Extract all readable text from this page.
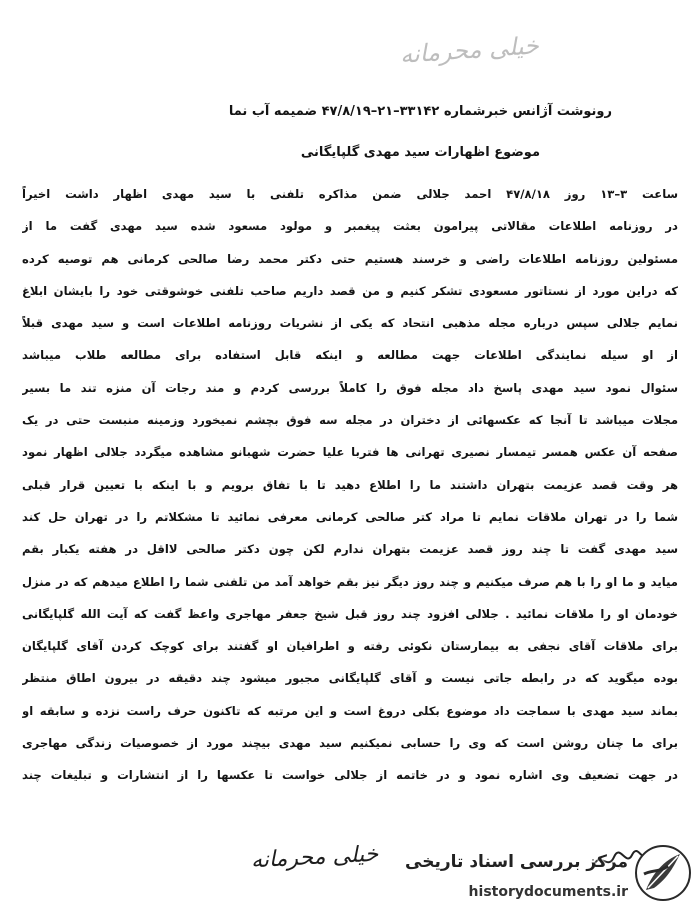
خیلی محرمانه
رونوشت آژانس خبرشماره ۳۳۱۴۲–۲۱–۴۷/۸/۱۹ ضمیمه آب نما
موضوع اظهارات سید مهدی گلپایگانی
ساعت ۳–۱۳ روز ۴۷/۸/۱۸ احمد جلالی ضمن مذاکره تلفنی با سید مهدی اظهار داشت اخیراً
در روزنامه اطلاعات مقالاتی پیرامون بعثت پیغمبر و مولود مسعود شده سید مهدی گفت ما از
مسئولین روزنامه اطلاعات راضی و خرسند هستیم حتی دکتر محمد رضا صالحی کرمانی هم توصیه کرده
که دراین مورد از نستاتور مسعودی تشکر کنیم و من قصد داریم صاحب تلفنی خوشوقتی خود را بایشان ابلاغ
نمایم جلالی سپس درباره مجله مذهبی انتحاد که یکی از نشریات روزنامه اطلاعات است و سید مهدی قبلاً
از او سیله نمایندگی اطلاعات جهت مطالعه و اینکه قابل استفاده برای مطالعه طلاب میباشد
سئوال نمود سید مهدی پاسخ داد مجله فوق را کاملاً بررسی کردم و مند رجات آن منزه تند ما بسیر
مجلات میباشد تا آنجا که عکسهائی از دختران در مجله سه فوق بچشم نمیخورد وزمینه منبست حتی در یک
صفحه آن عکس همسر تیمسار نصیری تهرانی ها فتربا علیا حضرت شهبانو مشاهده میگردد جلالی اظهار نمود
هر وقت قصد عزیمت بتهران داشتند ما را اطلاع دهید تا با تفاق برویم و با اینکه با تعیین قرار قبلی
شما را در تهران ملاقات نمایم تا مراد کتر صالحی کرمانی معرفی نمائید تا مشکلاتم را در تهران حل کند
سید مهدی گفت تا چند روز قصد عزیمت بتهران ندارم لکن چون دکتر صالحی لااقل در هفته یکبار بقم
میاید و ما او را با هم صرف میکنیم و چند روز دیگر نیز بقم خواهد آمد من تلفنی شما را اطلاع میدهم که در منزل
خودمان او را ملاقات نمائید . جلالی افزود چند روز قبل شیخ جعفر مهاجری واعظ گفت که آیت الله گلپایگانی
برای ملاقات آقای نجفی به بیمارستان نکوئی رفته و اطرافیان او گفتند برای کوچک کردن آقای گلپایگان
بوده میگوید که در رابطه جاتی نیست و آقای گلپایگانی مجبور میشود چند دقیقه در بیرون اطاق منتظر
بماند سید مهدی با سماجت داد موضوع بکلی دروغ است و این مرتبه که تاکنون حرف راست نزده و سابقه او
برای ما چنان روشن است که وی را حسابی نمیکنیم سید مهدی بیچند مورد از خصوصیات زندگی مهاجری
در جهت تضعیف وی اشاره نمود و در خاتمه از جلالی خواست تا عکسها را از انتشارات و تبلیغات چند
خیلی محرمانه	مرکز بررسی اسناد تاریخی
historydocuments.ir
